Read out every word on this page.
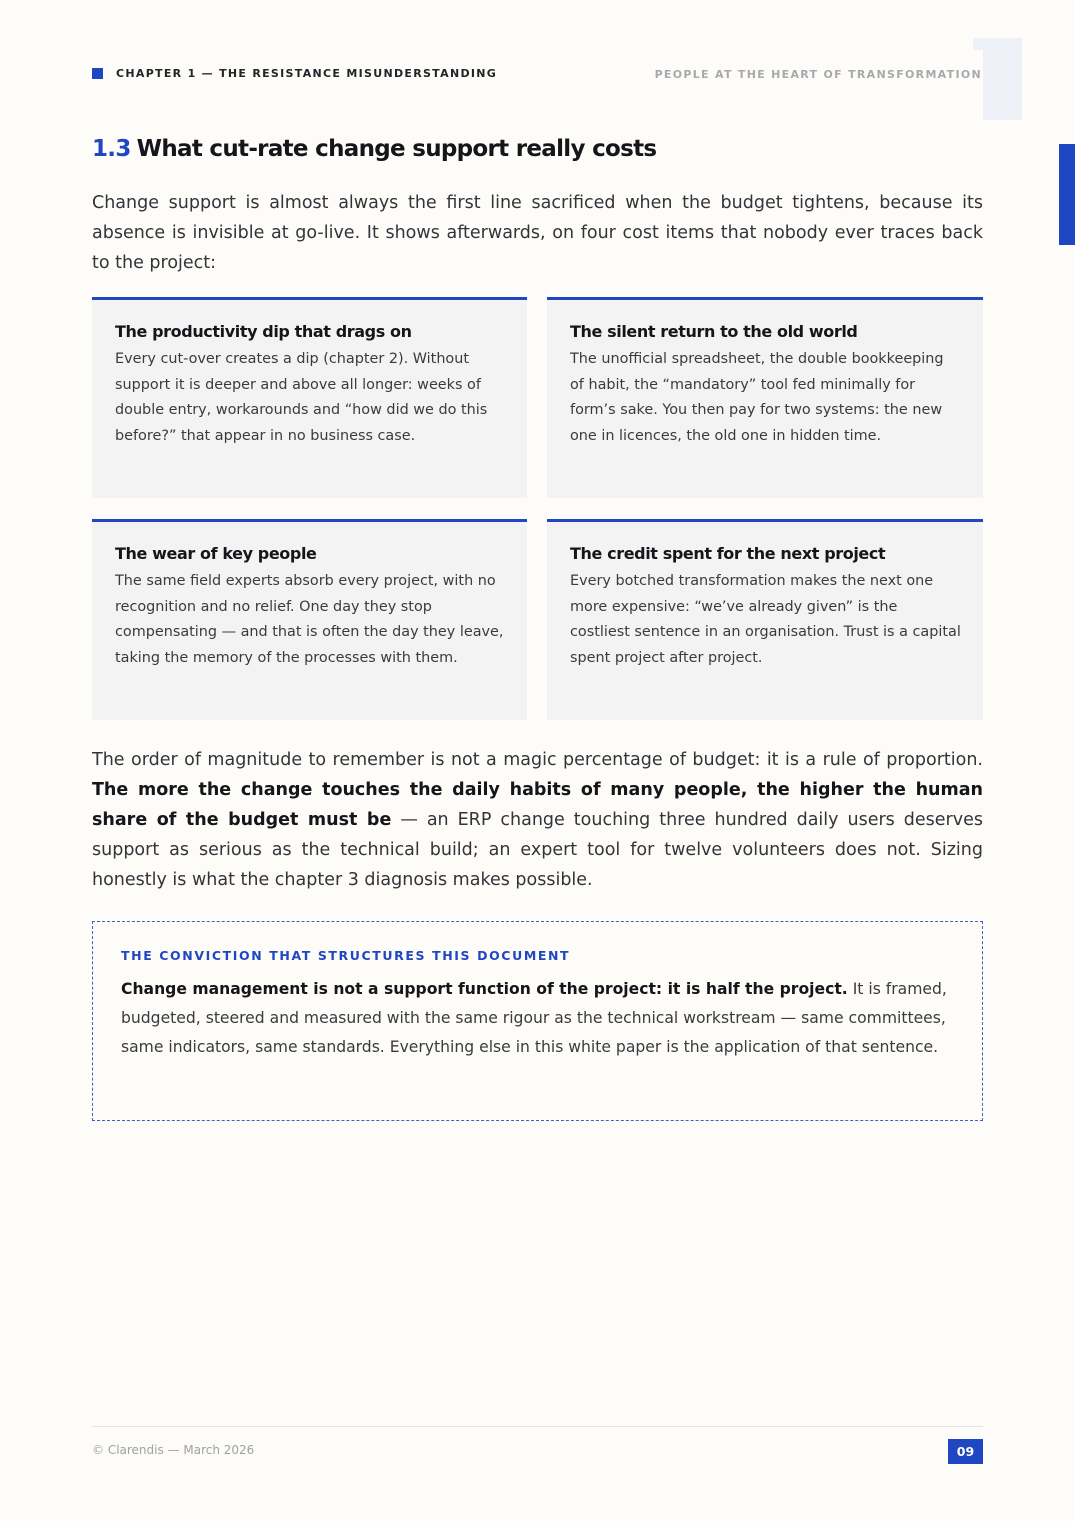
CHAPTER 1 — THE RESISTANCE MISUNDERSTANDING	PEOPLE AT THE HEART OF TRANSFORMATION
1.3 What cut-rate change support really costs

Change support is almost always the first line sacrificed when the budget tightens, because its absence is invisible at go-live. It shows afterwards, on four cost items that nobody ever traces back to the project:

The productivity dip that drags on

Every cut-over creates a dip (chapter 2). Without support it is deeper and above all longer: weeks of double entry, workarounds and “how did we do this before?” that appear in no business case.

The silent return to the old world

The unofficial spreadsheet, the double bookkeeping of habit, the “mandatory” tool fed minimally for form’s sake. You then pay for two systems: the new one in licences, the old one in hidden time.

The wear of key people

The same field experts absorb every project, with no recognition and no relief. One day they stop compensating — and that is often the day they leave, taking the memory of the processes with them.

The credit spent for the next project

Every botched transformation makes the next one more expensive: “we’ve already given” is the costliest sentence in an organisation. Trust is a capital spent project after project.

The order of magnitude to remember is not a magic percentage of budget: it is a rule of proportion. The more the change touches the daily habits of many people, the higher the human share of the budget must be — an ERP change touching three hundred daily users deserves support as serious as the technical build; an expert tool for twelve volunteers does not. Sizing honestly is what the chapter 3 diagnosis makes possible.

THE CONVICTION THAT STRUCTURES THIS DOCUMENT

Change management is not a support function of the project: it is half the project. It is framed, budgeted, steered and measured with the same rigour as the technical workstream — same committees, same indicators, same standards. Everything else in this white paper is the application of that sentence.

© Clarendis — March 2026	09
